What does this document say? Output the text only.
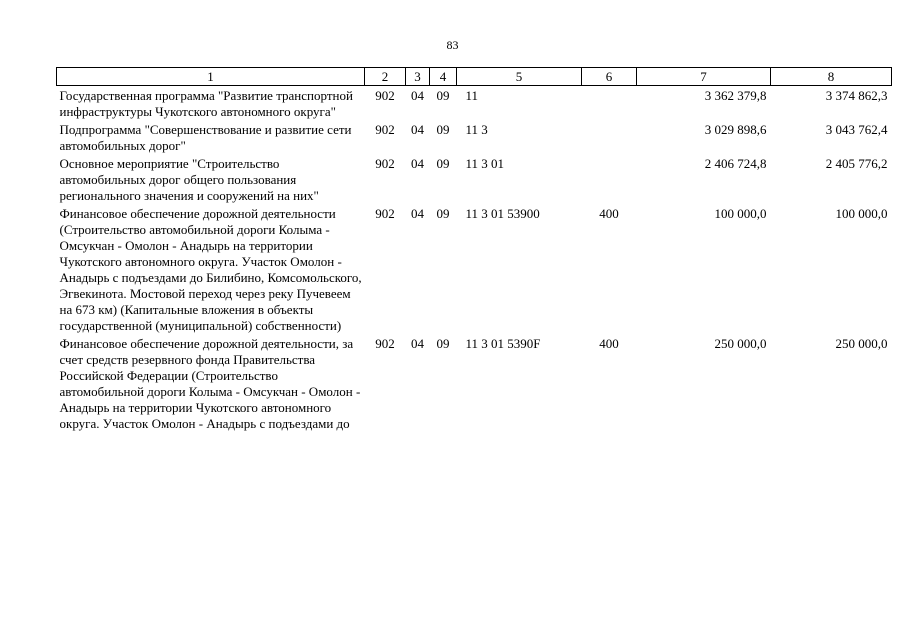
83
1	2	3	4	5	6	7	8
Государственная программа "Развитие транспортной инфраструктуры Чукотского автономного округа"	902	04	09	11		3 362 379,8	3 374 862,3
Подпрограмма "Совершенствование и развитие сети автомобильных дорог"	902	04	09	11 3		3 029 898,6	3 043 762,4
Основное мероприятие "Строительство автомобильных дорог общего пользования регионального значения и сооружений на них"	902	04	09	11 3 01		2 406 724,8	2 405 776,2
Финансовое обеспечение дорожной деятельности (Строительство автомобильной дороги Колыма - Омсукчан - Омолон - Анадырь на территории Чукотского автономного округа. Участок Омолон - Анадырь с подъездами до Билибино, Комсомольского, Эгвекинота. Мостовой переход через реку Пучевеем на 673 км) (Капитальные вложения в объекты государственной (муниципальной) собственности)	902	04	09	11 3 01 53900	400	100 000,0	100 000,0
Финансовое обеспечение дорожной деятельности, за счет средств резервного фонда Правительства Российской Федерации (Строительство автомобильной дороги Колыма - Омсукчан - Омолон - Анадырь на территории Чукотского автономного округа. Участок Омолон - Анадырь с подъездами до	902	04	09	11 3 01 5390F	400	250 000,0	250 000,0
